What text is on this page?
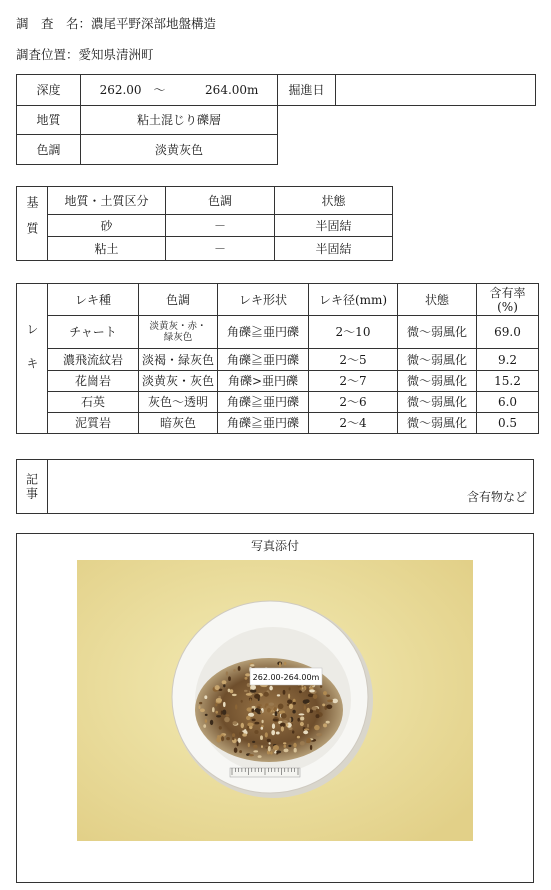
調　査　名：濃尾平野深部地盤構造
調査位置：愛知県清洲町
深度	262.00 〜	264.00m	掘進日	
地質	粘土混じり礫層
色調	淡黄灰色
基質	地質・土質区分	色調	状態
	砂	－	半固結
	粘土	－	半固結
レキ	レキ種	色調	レキ形状	レキ径(mm)	状態	含有率
(%)
	チャート	淡黄灰・赤・
緑灰色	角礫≧亜円礫	2〜10	微〜弱風化	69.0
	濃飛流紋岩	淡褐・緑灰色	角礫≧亜円礫	2〜5	微〜弱風化	9.2
	花崗岩	淡黄灰・灰色	角礫>亜円礫	2〜7	微〜弱風化	15.2
	石英	灰色〜透明	角礫≧亜円礫	2〜6	微〜弱風化	6.0
	泥質岩	暗灰色	角礫≧亜円礫	2〜4	微〜弱風化	0.5
記事	含有物など
写真添付
262.00-264.00m
